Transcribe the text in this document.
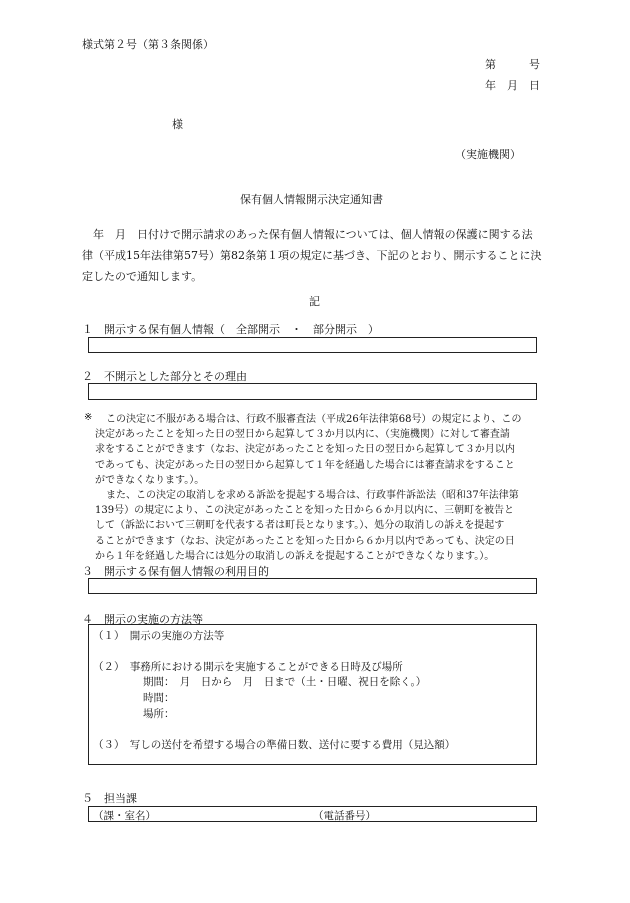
様式第２号（第３条関係）
第　　　号
年　月　日
様
（実施機関）
保有個人情報開示決定通知書

　年　月　日付けで開示請求のあった保有個人情報については、個人情報の保護に関する法
律（平成15年法律第57号）第82条第１項の規定に基づき、下記のとおり、開示することに決
定したので通知します。

記
１　開示する保有個人情報（　全部開示　・　部分開示　）
２　不開示とした部分とその理由
※	この決定に不服がある場合は、行政不服審査法（平成26年法律第68号）の規定により、この
決定があったことを知った日の翌日から起算して３か月以内に、（実施機関）に対して審査請
求をすることができます（なお、決定があったことを知った日の翌日から起算して３か月以内
であっても、決定があった日の翌日から起算して１年を経過した場合には審査請求をすること
ができなくなります。）。
また、この決定の取消しを求める訴訟を提起する場合は、行政事件訴訟法（昭和37年法律第
139号）の規定により、この決定があったことを知った日から６か月以内に、三朝町を被告と
して（訴訟において三朝町を代表する者は町長となります。）、処分の取消しの訴えを提起す
ることができます（なお、決定があったことを知った日から６か月以内であっても、決定の日
から１年を経過した場合には処分の取消しの訴えを提起することができなくなります。）。
３　開示する保有個人情報の利用目的
４　開示の実施の方法等
（１）　開示の実施の方法等
（２）　事務所における開示を実施することができる日時及び場所
期間：　月　日から　月　日まで（土・日曜、祝日を除く。）
時間：
場所：
（３）　写しの送付を希望する場合の準備日数、送付に要する費用（見込額）
５　担当課
（課・室名）	（電話番号）
